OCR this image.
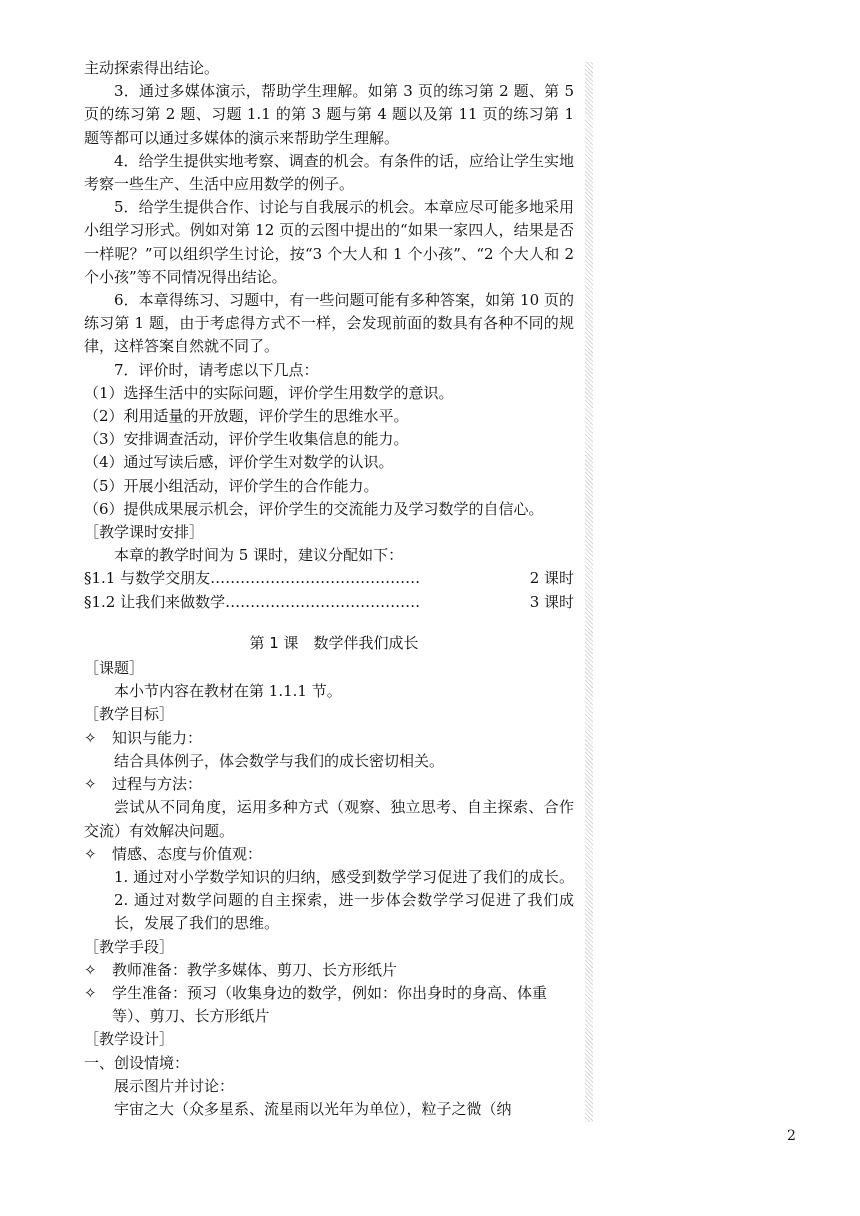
主动探索得出结论。

3．通过多媒体演示，帮助学生理解。如第 3 页的练习第 2 题、第 5 页的练习第 2 题、习题 1.1 的第 3 题与第 4 题以及第 11 页的练习第 1 题等都可以通过多媒体的演示来帮助学生理解。

4．给学生提供实地考察、调查的机会。有条件的话，应给让学生实地考察一些生产、生活中应用数学的例子。

5．给学生提供合作、讨论与自我展示的机会。本章应尽可能多地采用小组学习形式。例如对第 12 页的云图中提出的“如果一家四人，结果是否一样呢？”可以组织学生讨论，按“3 个大人和 1 个小孩”、“2 个大人和 2 个小孩”等不同情况得出结论。

6．本章得练习、习题中，有一些问题可能有多种答案，如第 10 页的练习第 1 题，由于考虑得方式不一样，会发现前面的数具有各种不同的规律，这样答案自然就不同了。

7．评价时，请考虑以下几点：

（1）选择生活中的实际问题，评价学生用数学的意识。

（2）利用适量的开放题，评价学生的思维水平。

（3）安排调查活动，评价学生收集信息的能力。

（4）通过写读后感，评价学生对数学的认识。

（5）开展小组活动，评价学生的合作能力。

（6）提供成果展示机会，评价学生的交流能力及学习数学的自信心。

［教学课时安排］

本章的教学时间为 5 课时，建议分配如下：

§1.1 与数学交朋友……………………………………	2 课时
§1.2 让我们来做数学…………………………………	3 课时

第 1 课　数学伴我们成长

［课题］

本小节内容在教材在第 1.1.1 节。

［教学目标］

✧	知识与能力：

结合具体例子，体会数学与我们的成长密切相关。

✧	过程与方法：

尝试从不同角度，运用多种方式（观察、独立思考、自主探索、合作交流）有效解决问题。

✧	情感、态度与价值观：

1. 通过对小学数学知识的归纳，感受到数学学习促进了我们的成长。2. 通过对数学问题的自主探索，进一步体会数学学习促进了我们成长，发展了我们的思维。

［教学手段］

✧	教师准备：教学多媒体、剪刀、长方形纸片
✧	学生准备：预习（收集身边的数学，例如：你出身时的身高、体重等）、剪刀、长方形纸片

［教学设计］

一、创设情境：

展示图片并讨论：

宇宙之大（众多星系、流星雨以光年为单位），粒子之微（纳

2
